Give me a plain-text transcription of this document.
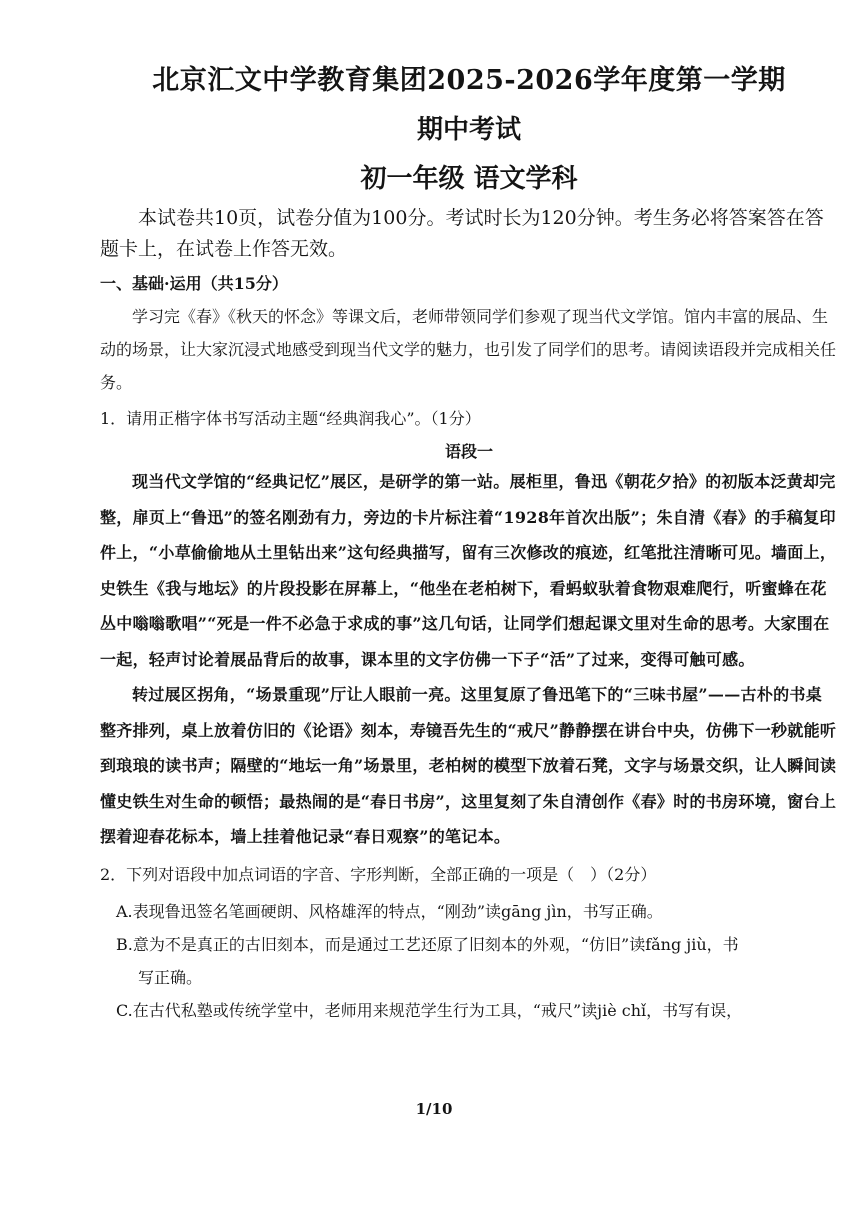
北京汇文中学教育集团2025-2026学年度第一学期
期中考试
初一年级 语文学科

本试卷共10页，试卷分值为100分。考试时长为120分钟。考生务必将答案答在答题卡上，在试卷上作答无效。

一、基础·运用（共15分）

学习完《春》《秋天的怀念》等课文后，老师带领同学们参观了现当代文学馆。馆内丰富的展品、生动的场景，让大家沉浸式地感受到现当代文学的魅力，也引发了同学们的思考。请阅读语段并完成相关任务。

1．请用正楷字体书写活动主题“经典润我心”。（1分）

语段一

现当代文学馆的“经典记忆”展区，是研学的第一站。展柜里，鲁迅《朝花夕拾》的初版本泛黄却完整，扉页上“鲁迅”的签名刚劲有力，旁边的卡片标注着“1928年首次出版”；朱自清《春》的手稿复印件上，“小草偷偷地从土里钻出来”这句经典描写，留有三次修改的痕迹，红笔批注清晰可见。墙面上，史铁生《我与地坛》的片段投影在屏幕上，“他坐在老柏树下，看蚂蚁驮着食物艰难爬行，听蜜蜂在花丛中嗡嗡歌唱”“死是一件不必急于求成的事”这几句话，让同学们想起课文里对生命的思考。大家围在一起，轻声讨论着展品背后的故事，课本里的文字仿佛一下子“活”了过来，变得可触可感。

转过展区拐角，“场景重现”厅让人眼前一亮。这里复原了鲁迅笔下的“三味书屋”——古朴的书桌整齐排列，桌上放着仿旧的《论语》刻本，寿镜吾先生的“戒尺”静静摆在讲台中央，仿佛下一秒就能听到琅琅的读书声；隔壁的“地坛一角”场景里，老柏树的模型下放着石凳，文字与场景交织，让人瞬间读懂史铁生对生命的顿悟；最热闹的是“春日书房”，这里复刻了朱自清创作《春》时的书房环境，窗台上摆着迎春花标本，墙上挂着他记录“春日观察”的笔记本。

2．下列对语段中加点词语的字音、字形判断，全部正确的一项是（　）（2分）

A.表现鲁迅签名笔画硬朗、风格雄浑的特点，“刚劲”读gāng jìn，书写正确。

B.意为不是真正的古旧刻本，而是通过工艺还原了旧刻本的外观，“仿旧”读fǎng jiù，书

写正确。

C.在古代私塾或传统学堂中，老师用来规范学生行为工具，“戒尺”读jiè chǐ，书写有误，

1/10
